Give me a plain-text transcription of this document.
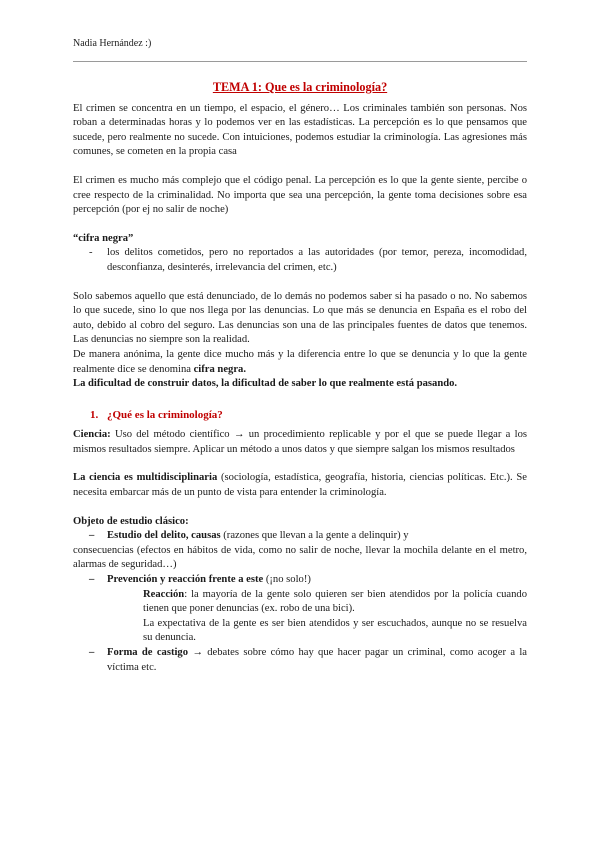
Nadia Hernández :)
TEMA 1: Que es la criminología?

El crimen se concentra en un tiempo, el espacio, el género… Los criminales también son personas. Nos roban a determinadas horas y lo podemos ver en las estadísticas. La percepción es lo que pensamos que sucede, pero realmente no sucede. Con intuiciones, podemos estudiar la criminología. Las agresiones más comunes, se cometen en la propia casa

El crimen es mucho más complejo que el código penal. La percepción es lo que la gente siente, percibe o cree respecto de la criminalidad. No importa que sea una percepción, la gente toma decisiones sobre esa percepción (por ej no salir de noche)

“cifra negra”

- los delitos cometidos, pero no reportados a las autoridades (por temor, pereza, incomodidad, desconfianza, desinterés, irrelevancia del crimen, etc.)

Solo sabemos aquello que está denunciado, de lo demás no podemos saber si ha pasado o no. No sabemos lo que sucede, sino lo que nos llega por las denuncias. Lo que más se denuncia en España es el robo del auto, debido al cobro del seguro. Las denuncias son una de las principales fuentes de datos que tenemos. Las denuncias no siempre son la realidad.

De manera anónima, la gente dice mucho más y la diferencia entre lo que se denuncia y lo que la gente realmente dice se denomina cifra negra.

La dificultad de construir datos, la dificultad de saber lo que realmente está pasando.

1. ¿Qué es la criminología?

Ciencia: Uso del método científico → un procedimiento replicable y por el que se puede llegar a los mismos resultados siempre. Aplicar un método a unos datos y que siempre salgan los mismos resultados

La ciencia es multidisciplinaria (sociología, estadística, geografía, historia, ciencias políticas. Etc.). Se necesita embarcar más de un punto de vista para entender la criminología.

Objeto de estudio clásico:

– Estudio del delito, causas (razones que llevan a la gente a delinquir) y

consecuencias (efectos en hábitos de vida, como no salir de noche, llevar la mochila delante en el metro, alarmas de seguridad…)

– Prevención y reacción frente a este (¡no solo!)

Reacción: la mayoría de la gente solo quieren ser bien atendidos por la policía cuando tienen que poner denuncias (ex. robo de una bici).

La expectativa de la gente es ser bien atendidos y ser escuchados, aunque no se resuelva su denuncia.

– Forma de castigo → debates sobre cómo hay que hacer pagar un criminal, como acoger a la víctima etc.
